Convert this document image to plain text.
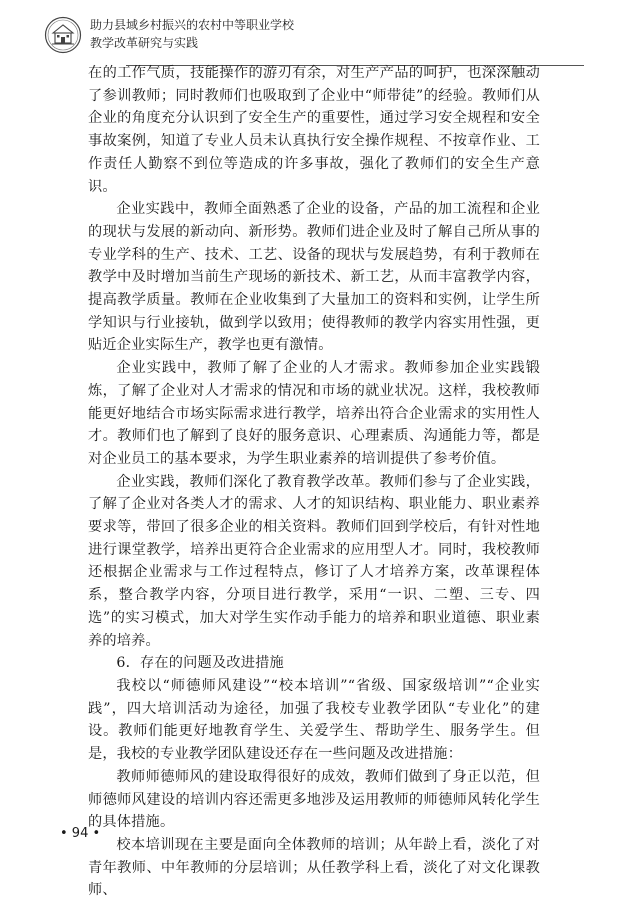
助力县域乡村振兴的农村中等职业学校
教学改革研究与实践

在的工作气质，技能操作的游刃有余，对生产产品的呵护，也深深触动了参训教师；同时教师们也吸取到了企业中“师带徒”的经验。教师们从企业的角度充分认识到了安全生产的重要性，通过学习安全规程和安全事故案例，知道了专业人员未认真执行安全操作规程、不按章作业、工作责任人勤察不到位等造成的许多事故，强化了教师们的安全生产意识。

企业实践中，教师全面熟悉了企业的设备，产品的加工流程和企业的现状与发展的新动向、新形势。教师们进企业及时了解自己所从事的专业学科的生产、技术、工艺、设备的现状与发展趋势，有利于教师在教学中及时增加当前生产现场的新技术、新工艺，从而丰富教学内容，提高教学质量。教师在企业收集到了大量加工的资料和实例，让学生所学知识与行业接轨，做到学以致用；使得教师的教学内容实用性强，更贴近企业实际生产，教学也更有激情。

企业实践中，教师了解了企业的人才需求。教师参加企业实践锻炼，了解了企业对人才需求的情况和市场的就业状况。这样，我校教师能更好地结合市场实际需求进行教学，培养出符合企业需求的实用性人才。教师们也了解到了良好的服务意识、心理素质、沟通能力等，都是对企业员工的基本要求，为学生职业素养的培训提供了参考价值。

企业实践，教师们深化了教育教学改革。教师们参与了企业实践，了解了企业对各类人才的需求、人才的知识结构、职业能力、职业素养要求等，带回了很多企业的相关资料。教师们回到学校后，有针对性地进行课堂教学，培养出更符合企业需求的应用型人才。同时，我校教师还根据企业需求与工作过程特点，修订了人才培养方案，改革课程体系，整合教学内容，分项目进行教学，采用“一识、二塑、三专、四选”的实习模式，加大对学生实作动手能力的培养和职业道德、职业素养的培养。

6．存在的问题及改进措施

我校以“师德师风建设”“校本培训”“省级、国家级培训”“企业实践”，四大培训活动为途径，加强了我校专业教学团队“专业化”的建设。教师们能更好地教育学生、关爱学生、帮助学生、服务学生。但是，我校的专业教学团队建设还存在一些问题及改进措施：

教师师德师风的建设取得很好的成效，教师们做到了身正以范，但师德师风建设的培训内容还需更多地涉及运用教师的师德师风转化学生的具体措施。

校本培训现在主要是面向全体教师的培训；从年龄上看，淡化了对青年教师、中年教师的分层培训；从任教学科上看，淡化了对文化课教师、

• 94 •
